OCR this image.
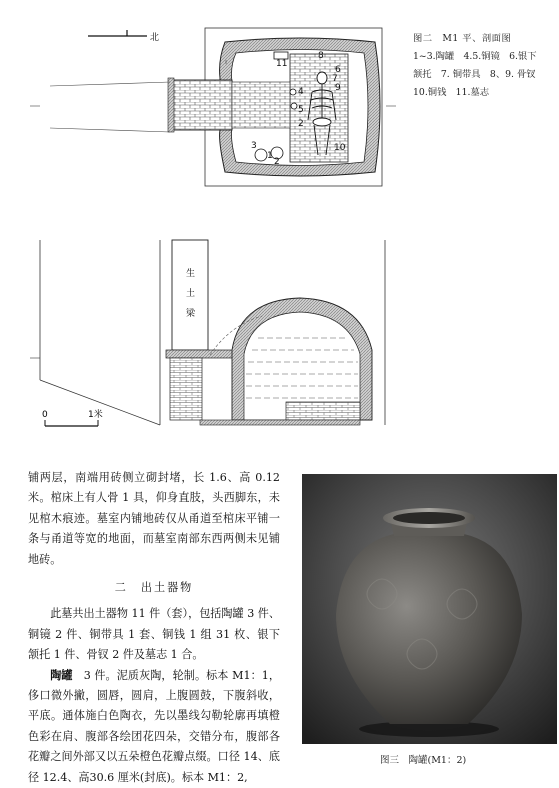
北
11
8
6
7
9
4
5
2
3
1
2
10
图二　M1 平、剖面图
1~3.陶罐　4.5.铜镜　6.银下
颔托　7. 铜带具　8、9. 骨钗
10.铜钱　11.墓志
生
土
梁
0	1米

铺两层，南端用砖侧立砌封堵，长 1.6、高 0.12 米。棺床上有人骨 1 具，仰身直肢，头西脚东，未见棺木痕迹。墓室内铺地砖仅从甬道至棺床平铺一条与甬道等宽的地面，而墓室南部东西两侧未见铺地砖。

二　出土器物

此墓共出土器物 11 件（套），包括陶罐 3 件、铜镜 2 件、铜带具 1 套、铜钱 1 组 31 枚、银下颔托 1 件、骨钗 2 件及墓志 1 合。

陶罐　3 件。泥质灰陶，轮制。标本 M1：1，侈口微外撇，圆唇，圆肩，上腹圆鼓，下腹斜收，平底。通体施白色陶衣，先以墨线勾勒轮廓再填橙色彩在肩、腹部各绘团花四朵，交错分布，腹部各花瓣之间外部又以五朵橙色花瓣点缀。口径 14、底径 12.4、高30.6 厘米(封底)。标本 M1：2,

图三　陶罐(M1：2)
